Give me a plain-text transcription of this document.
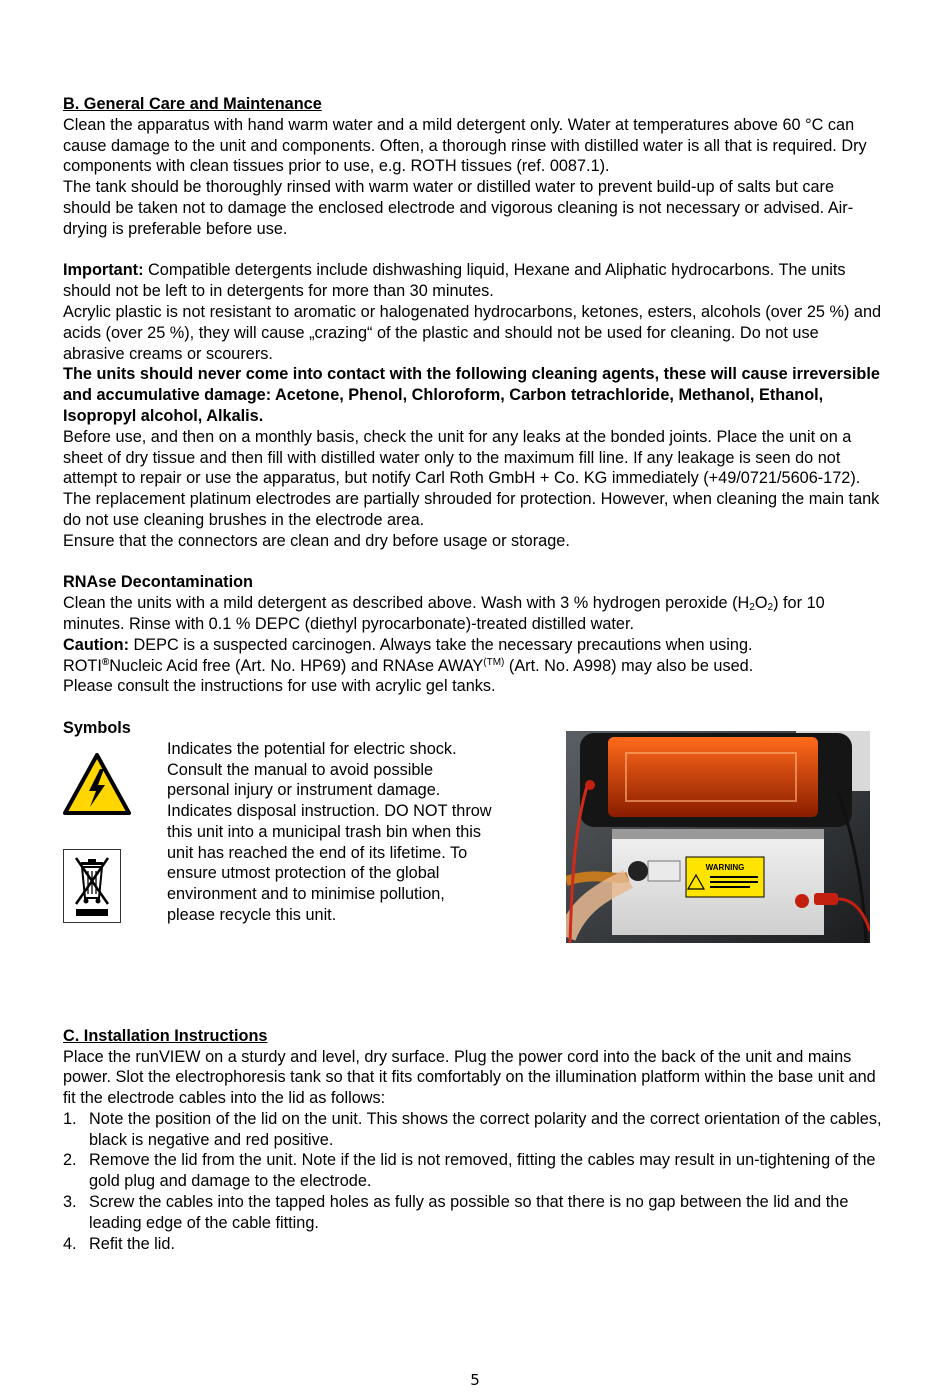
B. General Care and Maintenance

Clean the apparatus with hand warm water and a mild detergent only. Water at temperatures above 60 °C can cause damage to the unit and components. Often, a thorough rinse with distilled water is all that is required. Dry components with clean tissues prior to use, e.g. ROTH tissues (ref. 0087.1).

The tank should be thoroughly rinsed with warm water or distilled water to prevent build-up of salts but care should be taken not to damage the enclosed electrode and vigorous cleaning is not necessary or advised. Air-drying is preferable before use.

Important: Compatible detergents include dishwashing liquid, Hexane and Aliphatic hydrocarbons. The units should not be left to in detergents for more than 30 minutes.

Acrylic plastic is not resistant to aromatic or halogenated hydrocarbons, ketones, esters, alcohols (over 25 %) and acids (over 25 %), they will cause „crazing“ of the plastic and should not be used for cleaning. Do not use abrasive creams or scourers.

The units should never come into contact with the following cleaning agents, these will cause irreversible and accumulative damage: Acetone, Phenol, Chloroform, Carbon tetrachloride, Methanol, Ethanol, Isopropyl alcohol, Alkalis.

Before use, and then on a monthly basis, check the unit for any leaks at the bonded joints. Place the unit on a sheet of dry tissue and then fill with distilled water only to the maximum fill line. If any leakage is seen do not attempt to repair or use the apparatus, but notify Carl Roth GmbH + Co. KG immediately (+49/0721/5606-172).

The replacement platinum electrodes are partially shrouded for protection. However, when cleaning the main tank do not use cleaning brushes in the electrode area.

Ensure that the connectors are clean and dry before usage or storage.

RNAse Decontamination

Clean the units with a mild detergent as described above. Wash with 3 % hydrogen peroxide $(H_2O_2)$ for 10 minutes. Rinse with 0.1 % DEPC (diethyl pyrocarbonate)-treated distilled water.

Caution: DEPC is a suspected carcinogen. Always take the necessary precautions when using.

ROTI®Nucleic Acid free (Art. No. HP69) and RNAse $AWAY^{(TM)}$ (Art. No. A998) may also be used.

Please consult the instructions for use with acrylic gel tanks.

Symbols

Indicates the potential for electric shock. Consult the manual to avoid possible personal injury or instrument damage. Indicates disposal instruction. DO NOT throw this unit into a municipal trash bin when this unit has reached the end of its lifetime. To ensure utmost protection of the global environment and to minimise pollution, please recycle this unit.

WARNING

C. Installation Instructions

Place the runVIEW on a sturdy and level, dry surface. Plug the power cord into the back of the unit and mains power. Slot the electrophoresis tank so that it fits comfortably on the illumination platform within the base unit and fit the electrode cables into the lid as follows:

1. Note the position of the lid on the unit. This shows the correct polarity and the correct orientation of the cables, black is negative and red positive.
2. Remove the lid from the unit. Note if the lid is not removed, fitting the cables may result in un-tightening of the gold plug and damage to the electrode.
3. Screw the cables into the tapped holes as fully as possible so that there is no gap between the lid and the leading edge of the cable fitting.
4. Refit the lid.
5
